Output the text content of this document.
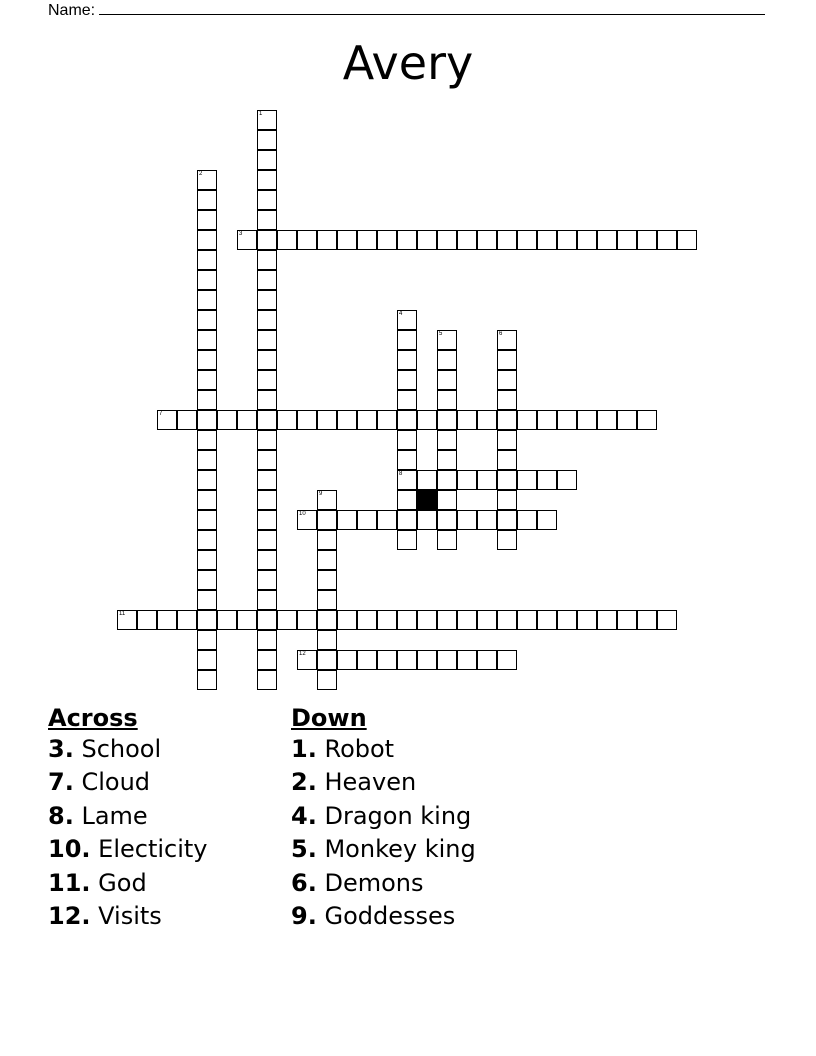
Name:
Avery
1
2
3
4
8
5	6
7
9
10
11
12
Across
3. School
7. Cloud
8. Lame
10. Electicity
11. God
12. Visits
Down
1. Robot
2. Heaven
4. Dragon king
5. Monkey king
6. Demons
9. Goddesses
